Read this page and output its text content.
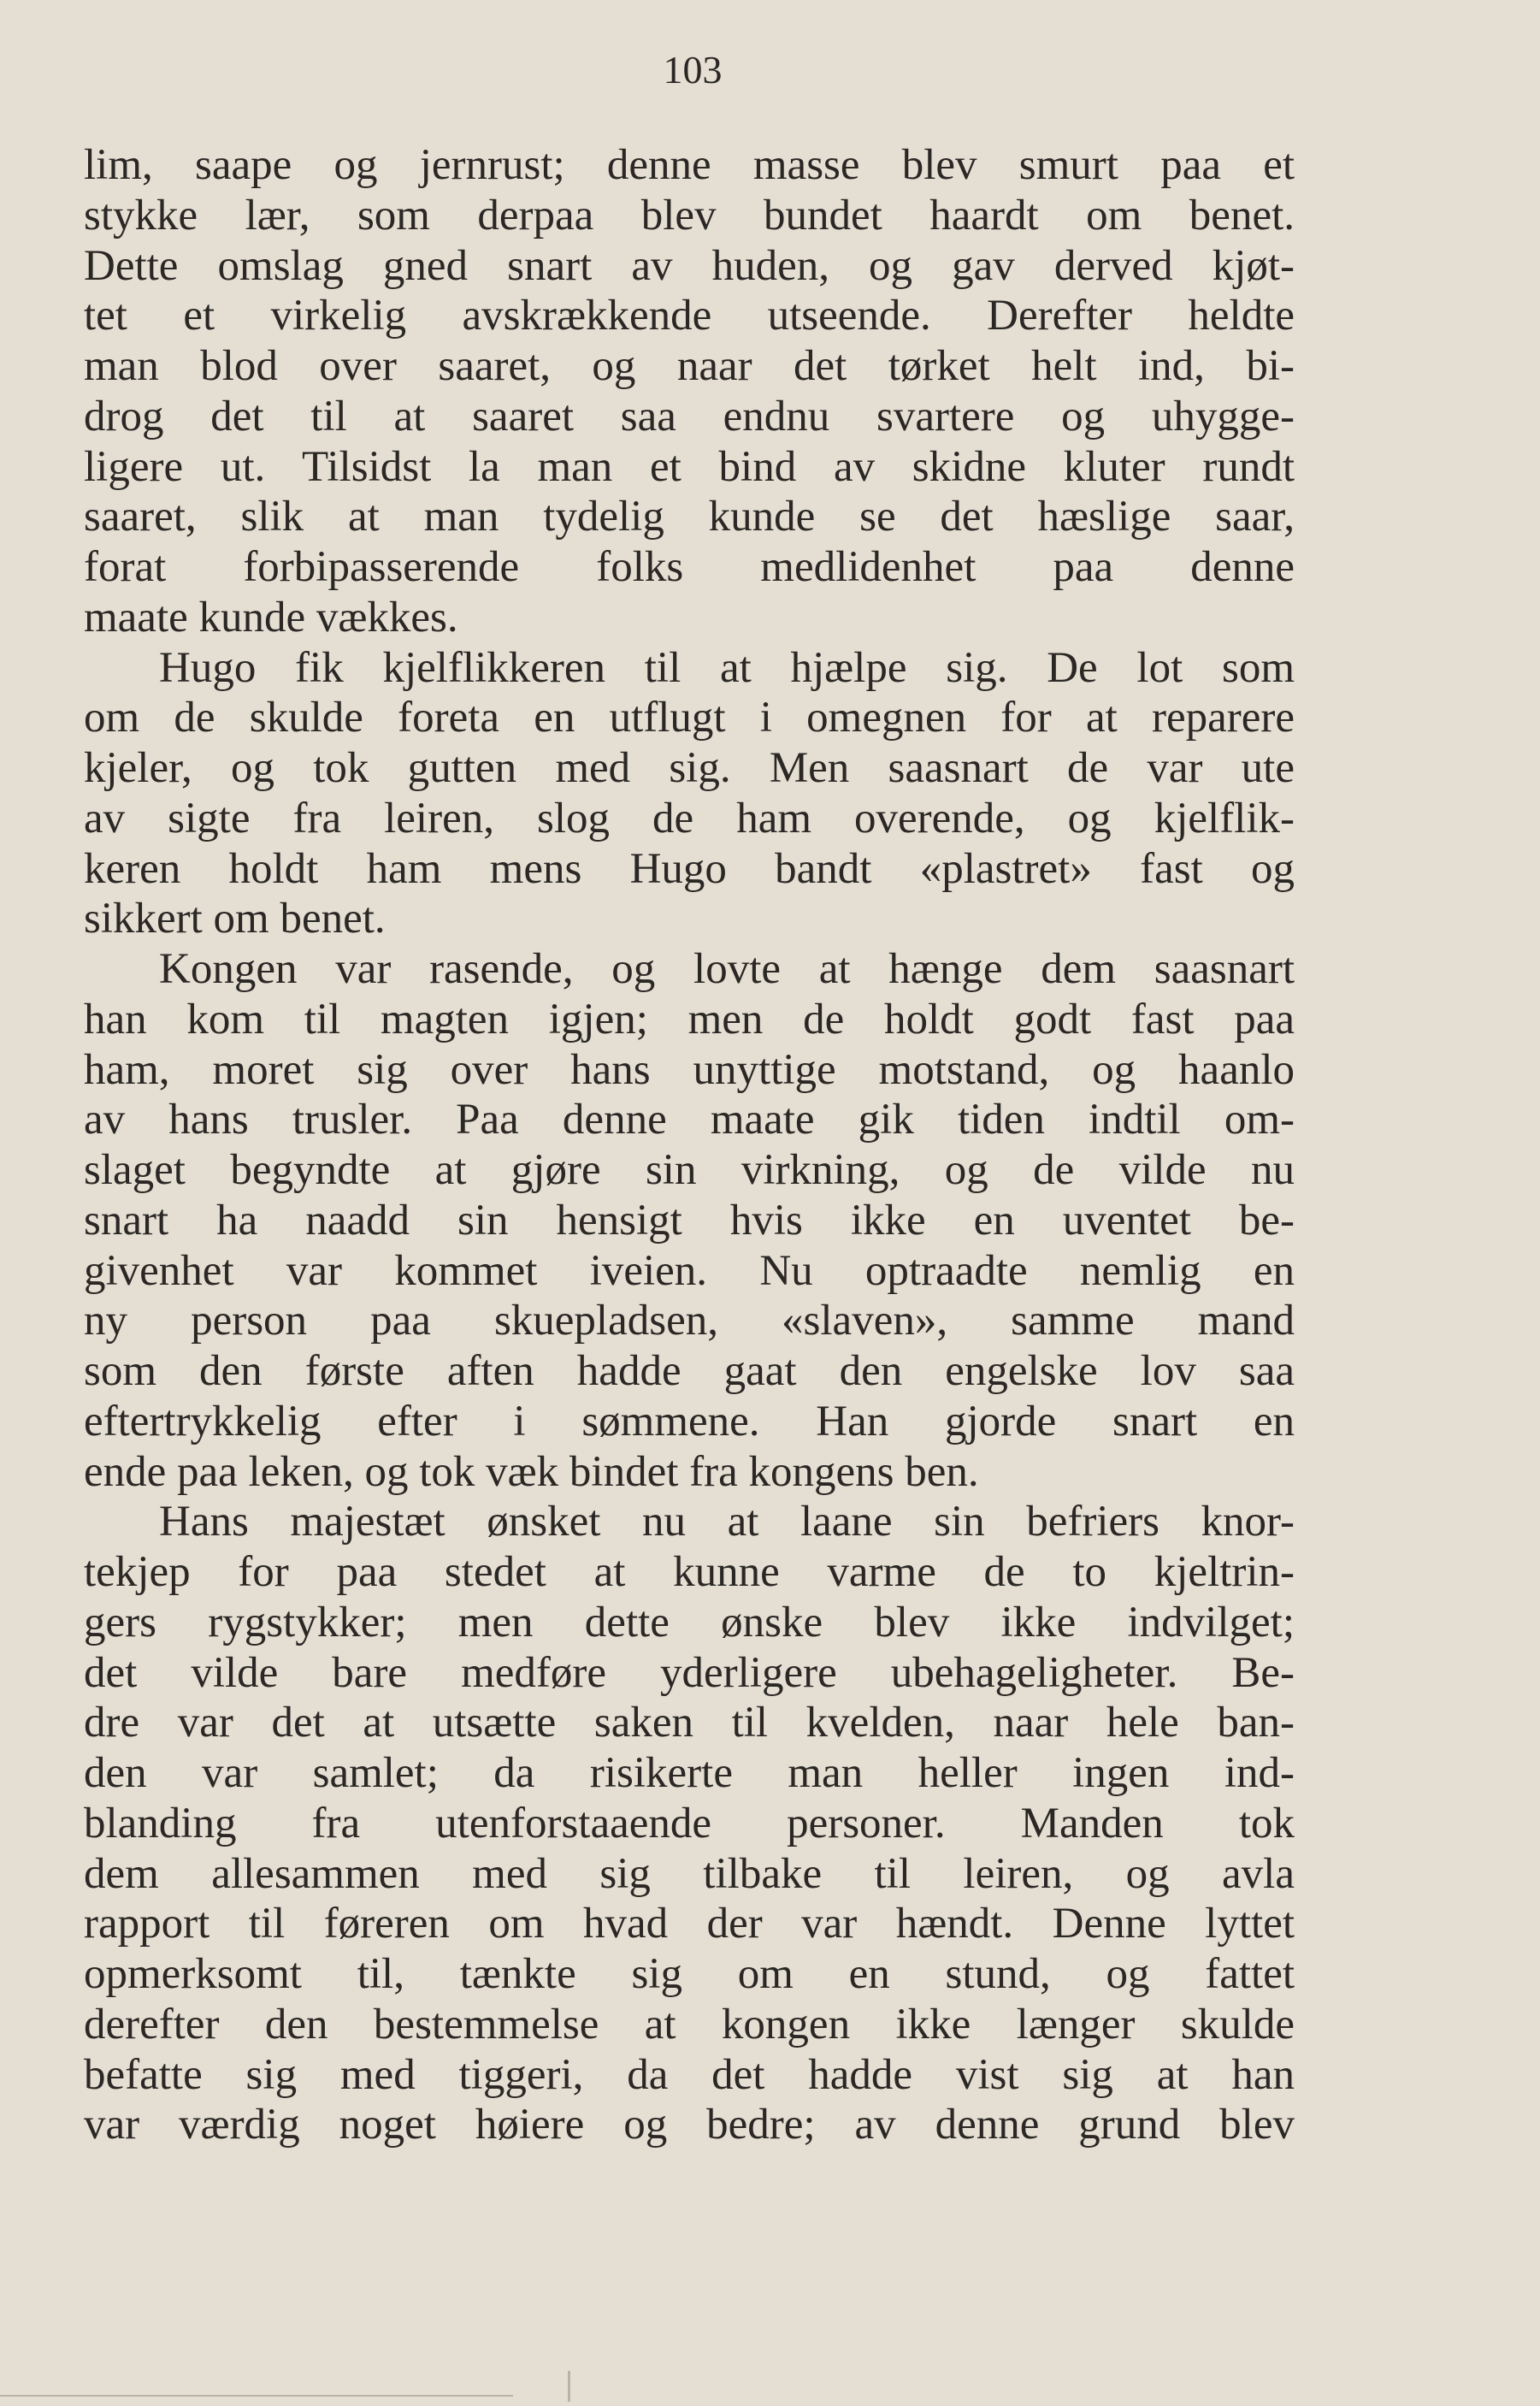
103
lim, saape og jernrust; denne masse blev smurt paa et
stykke lær, som derpaa blev bundet haardt om benet.
Dette omslag gned snart av huden, og gav derved kjøt-
tet et virkelig avskrækkende utseende. Derefter heldte
man blod over saaret, og naar det tørket helt ind, bi-
drog det til at saaret saa endnu svartere og uhygge-
ligere ut. Tilsidst la man et bind av skidne kluter rundt
saaret, slik at man tydelig kunde se det hæslige saar,
forat forbipasserende folks medlidenhet paa denne
maate kunde vækkes.
Hugo fik kjelflikkeren til at hjælpe sig. De lot som
om de skulde foreta en utflugt i omegnen for at reparere
kjeler, og tok gutten med sig. Men saasnart de var ute
av sigte fra leiren, slog de ham overende, og kjelflik-
keren holdt ham mens Hugo bandt «plastret» fast og
sikkert om benet.
Kongen var rasende, og lovte at hænge dem saasnart
han kom til magten igjen; men de holdt godt fast paa
ham, moret sig over hans unyttige motstand, og haanlo
av hans trusler. Paa denne maate gik tiden indtil om-
slaget begyndte at gjøre sin virkning, og de vilde nu
snart ha naadd sin hensigt hvis ikke en uventet be-
givenhet var kommet iveien. Nu optraadte nemlig en
ny person paa skuepladsen, «slaven», samme mand
som den første aften hadde gaat den engelske lov saa
eftertrykkelig efter i sømmene. Han gjorde snart en
ende paa leken, og tok væk bindet fra kongens ben.
Hans majestæt ønsket nu at laane sin befriers knor-
tekjep for paa stedet at kunne varme de to kjeltrin-
gers rygstykker; men dette ønske blev ikke indvilget;
det vilde bare medføre yderligere ubehageligheter. Be-
dre var det at utsætte saken til kvelden, naar hele ban-
den var samlet; da risikerte man heller ingen ind-
blanding fra utenforstaaende personer. Manden tok
dem allesammen med sig tilbake til leiren, og avla
rapport til føreren om hvad der var hændt. Denne lyttet
opmerksomt til, tænkte sig om en stund, og fattet
derefter den bestemmelse at kongen ikke længer skulde
befatte sig med tiggeri, da det hadde vist sig at han
var værdig noget høiere og bedre; av denne grund blev
